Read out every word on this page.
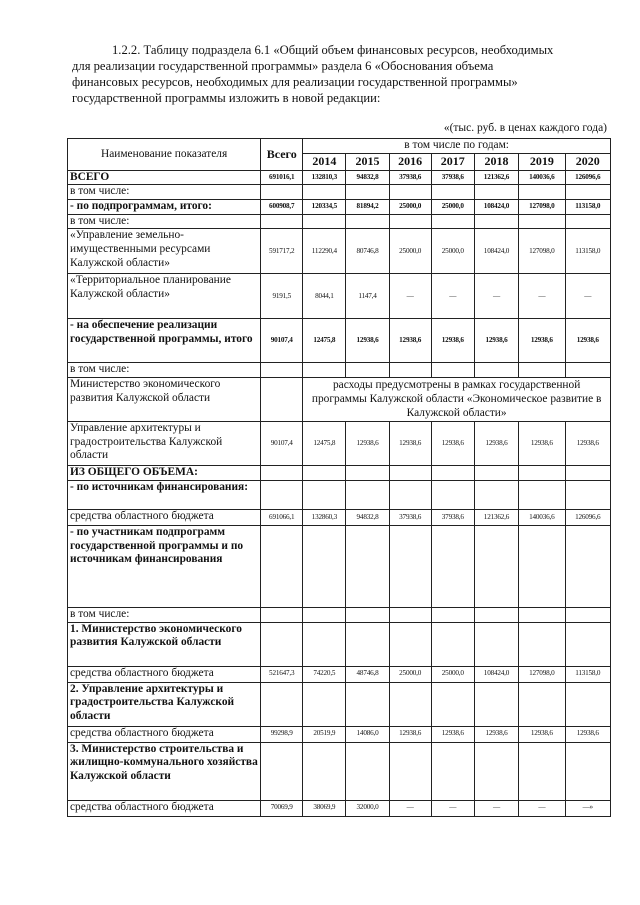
1.2.2. Таблицу подраздела 6.1 «Общий объем финансовых ресурсов, необходимых
для реализации государственной программы» раздела 6 «Обоснования объема
финансовых ресурсов, необходимых для реализации государственной программы»
государственной программы изложить в новой редакции:
«(тыс. руб. в ценах каждого года)
Наименование показателя	Всего	в том числе по годам:						
		2014	2015	2016	2017	2018	2019	2020
ВСЕГО	691016,1	132810,3	94832,8	37938,6	37938,6	121362,6	140036,6	126096,6
в том числе:								
- по подпрограммам, итого:	600908,7	120334,5	81894,2	25000,0	25000,0	108424,0	127098,0	113158,0
в том числе:								
«Управление земельно-имущественными ресурсами Калужской области»	591717,2	112290,4	80746,8	25000,0	25000,0	108424,0	127098,0	113158,0
«Территориальное планирование Калужской области»	9191,5	8044,1	1147,4	—	—	—	—	—
- на обеспечение реализации государственной программы, итого	90107,4	12475,8	12938,6	12938,6	12938,6	12938,6	12938,6	12938,6
в том числе:								
Министерство экономического развития Калужской области		расходы предусмотрены в рамках государственной программы Калужской области «Экономическое развитие в Калужской области»						
Управление архитектуры и градостроительства Калужской области	90107,4	12475,8	12938,6	12938,6	12938,6	12938,6	12938,6	12938,6
ИЗ ОБЩЕГО ОБЪЕМА:								
- по источникам финансирования:								
средства областного бюджета	691066,1	132860,3	94832,8	37938,6	37938,6	121362,6	140036,6	126096,6
- по участникам подпрограмм государственной программы и по источникам финансирования								
в том числе:								
1. Министерство экономического развития Калужской области								
средства областного бюджета	521647,3	74220,5	48746,8	25000,0	25000,0	108424,0	127098,0	113158,0
2. Управление архитектуры и градостроительства Калужской области								
средства областного бюджета	99298,9	20519,9	14086,0	12938,6	12938,6	12938,6	12938,6	12938,6
3. Министерство строительства и жилищно-коммунального хозяйства Калужской области								
средства областного бюджета	70069,9	38069,9	32000,0	—	—	—	—	—»
